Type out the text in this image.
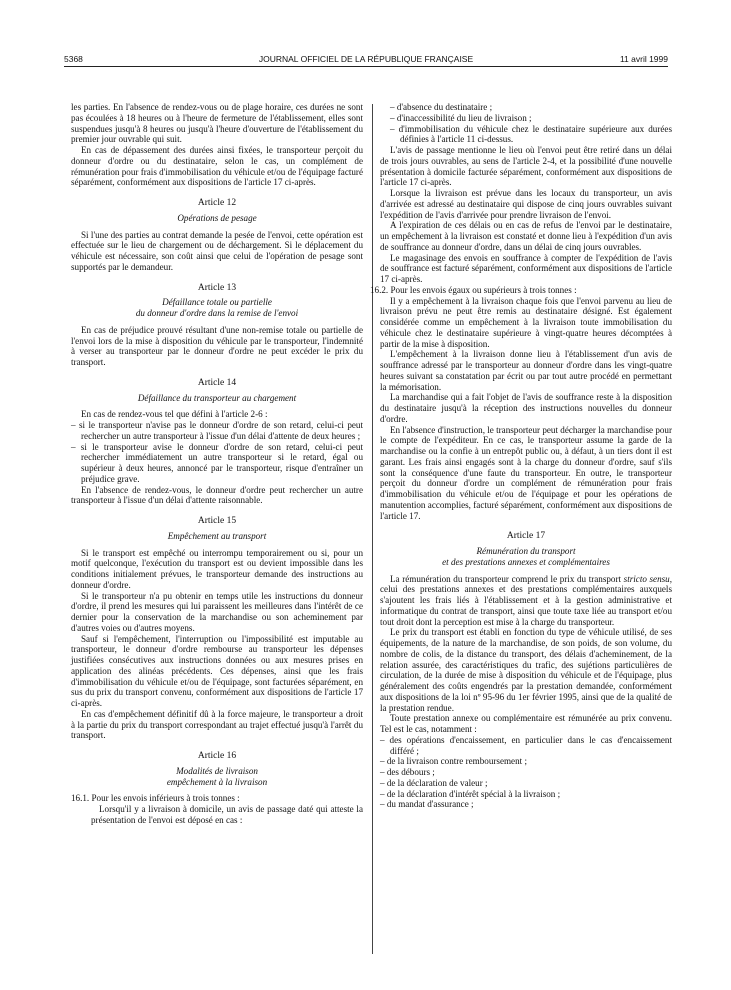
5368	JOURNAL OFFICIEL DE LA RÉPUBLIQUE FRANÇAISE	11 avril 1999

les parties. En l'absence de rendez-vous ou de plage horaire, ces durées ne sont pas écoulées à 18 heures ou à l'heure de fermeture de l'établissement, elles sont suspendues jusqu'à 8 heures ou jusqu'à l'heure d'ouverture de l'établissement du premier jour ouvrable qui suit.

En cas de dépassement des durées ainsi fixées, le transporteur perçoit du donneur d'ordre ou du destinataire, selon le cas, un complément de rémunération pour frais d'immobilisation du véhicule et/ou de l'équipage facturé séparément, conformément aux dispositions de l'article 17 ci-après.

Article 12

Opérations de pesage

Si l'une des parties au contrat demande la pesée de l'envoi, cette opération est effectuée sur le lieu de chargement ou de déchargement. Si le déplacement du véhicule est nécessaire, son coût ainsi que celui de l'opération de pesage sont supportés par le demandeur.

Article 13

Défaillance totale ou partielle

du donneur d'ordre dans la remise de l'envoi

En cas de préjudice prouvé résultant d'une non-remise totale ou partielle de l'envoi lors de la mise à disposition du véhicule par le transporteur, l'indemnité à verser au transporteur par le donneur d'ordre ne peut excéder le prix du transport.

Article 14

Défaillance du transporteur au chargement

En cas de rendez-vous tel que défini à l'article 2-6 :

– si le transporteur n'avise pas le donneur d'ordre de son retard, celui-ci peut rechercher un autre transporteur à l'issue d'un délai d'attente de deux heures ;

– si le transporteur avise le donneur d'ordre de son retard, celui-ci peut rechercher immédiatement un autre transporteur si le retard, égal ou supérieur à deux heures, annoncé par le transporteur, risque d'entraîner un préjudice grave.

En l'absence de rendez-vous, le donneur d'ordre peut rechercher un autre transporteur à l'issue d'un délai d'attente raisonnable.

Article 15

Empêchement au transport

Si le transport est empêché ou interrompu temporairement ou si, pour un motif quelconque, l'exécution du transport est ou devient impossible dans les conditions initialement prévues, le transporteur demande des instructions au donneur d'ordre.

Si le transporteur n'a pu obtenir en temps utile les instructions du donneur d'ordre, il prend les mesures qui lui paraissent les meilleures dans l'intérêt de ce dernier pour la conservation de la marchandise ou son acheminement par d'autres voies ou d'autres moyens.

Sauf si l'empêchement, l'interruption ou l'impossibilité est imputable au transporteur, le donneur d'ordre rembourse au transporteur les dépenses justifiées consécutives aux instructions données ou aux mesures prises en application des alinéas précédents. Ces dépenses, ainsi que les frais d'immobilisation du véhicule et/ou de l'équipage, sont facturées séparément, en sus du prix du transport convenu, conformément aux dispositions de l'article 17 ci-après.

En cas d'empêchement définitif dû à la force majeure, le transporteur a droit à la partie du prix du transport correspondant au trajet effectué jusqu'à l'arrêt du transport.

Article 16

Modalités de livraison

empêchement à la livraison

16.1. Pour les envois inférieurs à trois tonnes :

Lorsqu'il y a livraison à domicile, un avis de passage daté qui atteste la présentation de l'envoi est déposé en cas :

– d'absence du destinataire ;

– d'inaccessibilité du lieu de livraison ;

– d'immobilisation du véhicule chez le destinataire supérieure aux durées définies à l'article 11 ci-dessus.

L'avis de passage mentionne le lieu où l'envoi peut être retiré dans un délai de trois jours ouvrables, au sens de l'article 2-4, et la possibilité d'une nouvelle présentation à domicile facturée séparément, conformément aux dispositions de l'article 17 ci-après.

Lorsque la livraison est prévue dans les locaux du transporteur, un avis d'arrivée est adressé au destinataire qui dispose de cinq jours ouvrables suivant l'expédition de l'avis d'arrivée pour prendre livraison de l'envoi.

A l'expiration de ces délais ou en cas de refus de l'envoi par le destinataire, un empêchement à la livraison est constaté et donne lieu à l'expédition d'un avis de souffrance au donneur d'ordre, dans un délai de cinq jours ouvrables.

Le magasinage des envois en souffrance à compter de l'expédition de l'avis de souffrance est facturé séparément, conformément aux dispositions de l'article 17 ci-après.

16.2. Pour les envois égaux ou supérieurs à trois tonnes :

Il y a empêchement à la livraison chaque fois que l'envoi parvenu au lieu de livraison prévu ne peut être remis au destinataire désigné. Est également considérée comme un empêchement à la livraison toute immobilisation du véhicule chez le destinataire supérieure à vingt-quatre heures décomptées à partir de la mise à disposition.

L'empêchement à la livraison donne lieu à l'établissement d'un avis de souffrance adressé par le transporteur au donneur d'ordre dans les vingt-quatre heures suivant sa constatation par écrit ou par tout autre procédé en permettant la mémorisation.

La marchandise qui a fait l'objet de l'avis de souffrance reste à la disposition du destinataire jusqu'à la réception des instructions nouvelles du donneur d'ordre.

En l'absence d'instruction, le transporteur peut décharger la marchandise pour le compte de l'expéditeur. En ce cas, le transporteur assume la garde de la marchandise ou la confie à un entrepôt public ou, à défaut, à un tiers dont il est garant. Les frais ainsi engagés sont à la charge du donneur d'ordre, sauf s'ils sont la conséquence d'une faute du transporteur. En outre, le transporteur perçoit du donneur d'ordre un complément de rémunération pour frais d'immobilisation du véhicule et/ou de l'équipage et pour les opérations de manutention accomplies, facturé séparément, conformément aux dispositions de l'article 17.

Article 17

Rémunération du transport

et des prestations annexes et complémentaires

La rémunération du transporteur comprend le prix du transport stricto sensu, celui des prestations annexes et des prestations complémentaires auxquels s'ajoutent les frais liés à l'établissement et à la gestion administrative et informatique du contrat de transport, ainsi que toute taxe liée au transport et/ou tout droit dont la perception est mise à la charge du transporteur.

Le prix du transport est établi en fonction du type de véhicule utilisé, de ses équipements, de la nature de la marchandise, de son poids, de son volume, du nombre de colis, de la distance du transport, des délais d'acheminement, de la relation assurée, des caractéristiques du trafic, des sujétions particulières de circulation, de la durée de mise à disposition du véhicule et de l'équipage, plus généralement des coûts engendrés par la prestation demandée, conformément aux dispositions de la loi nº 95-96 du 1er février 1995, ainsi que de la qualité de la prestation rendue.

Toute prestation annexe ou complémentaire est rémunérée au prix convenu. Tel est le cas, notamment :

– des opérations d'encaissement, en particulier dans le cas d'encaissement différé ;

– de la livraison contre remboursement ;

– des débours ;

– de la déclaration de valeur ;

– de la déclaration d'intérêt spécial à la livraison ;

– du mandat d'assurance ;
